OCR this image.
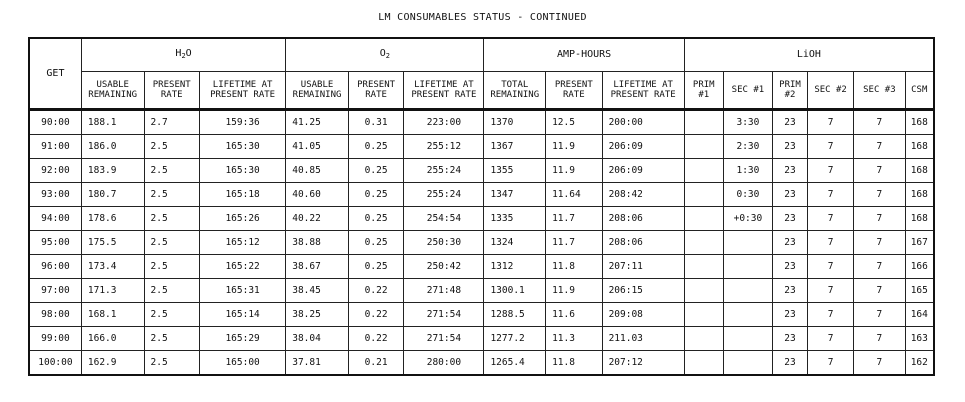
LM CONSUMABLES STATUS - CONTINUED
GET	$H_2O$			$O_2$			AMP-HOURS			LiOH					
	USABLE REMAINING	PRESENT RATE	LIFETIME AT PRESENT RATE	USABLE REMAINING	PRESENT RATE	LIFETIME AT PRESENT RATE	TOTAL REMAINING	PRESENT RATE	LIFETIME AT PRESENT RATE	PRIM #1	SEC #1	PRIM #2	SEC #2	SEC #3	CSM
90:00	188.1	2.7	159:36	41.25	0.31	223:00	1370	12.5	200:00		3:30	23	7	7	168
91:00	186.0	2.5	165:30	41.05	0.25	255:12	1367	11.9	206:09		2:30	23	7	7	168
92:00	183.9	2.5	165:30	40.85	0.25	255:24	1355	11.9	206:09		1:30	23	7	7	168
93:00	180.7	2.5	165:18	40.60	0.25	255:24	1347	11.64	208:42		0:30	23	7	7	168
94:00	178.6	2.5	165:26	40.22	0.25	254:54	1335	11.7	208:06		+0:30	23	7	7	168
95:00	175.5	2.5	165:12	38.88	0.25	250:30	1324	11.7	208:06			23	7	7	167
96:00	173.4	2.5	165:22	38.67	0.25	250:42	1312	11.8	207:11			23	7	7	166
97:00	171.3	2.5	165:31	38.45	0.22	271:48	1300.1	11.9	206:15			23	7	7	165
98:00	168.1	2.5	165:14	38.25	0.22	271:54	1288.5	11.6	209:08			23	7	7	164
99:00	166.0	2.5	165:29	38.04	0.22	271:54	1277.2	11.3	211.03			23	7	7	163
100:00	162.9	2.5	165:00	37.81	0.21	280:00	1265.4	11.8	207:12			23	7	7	162
